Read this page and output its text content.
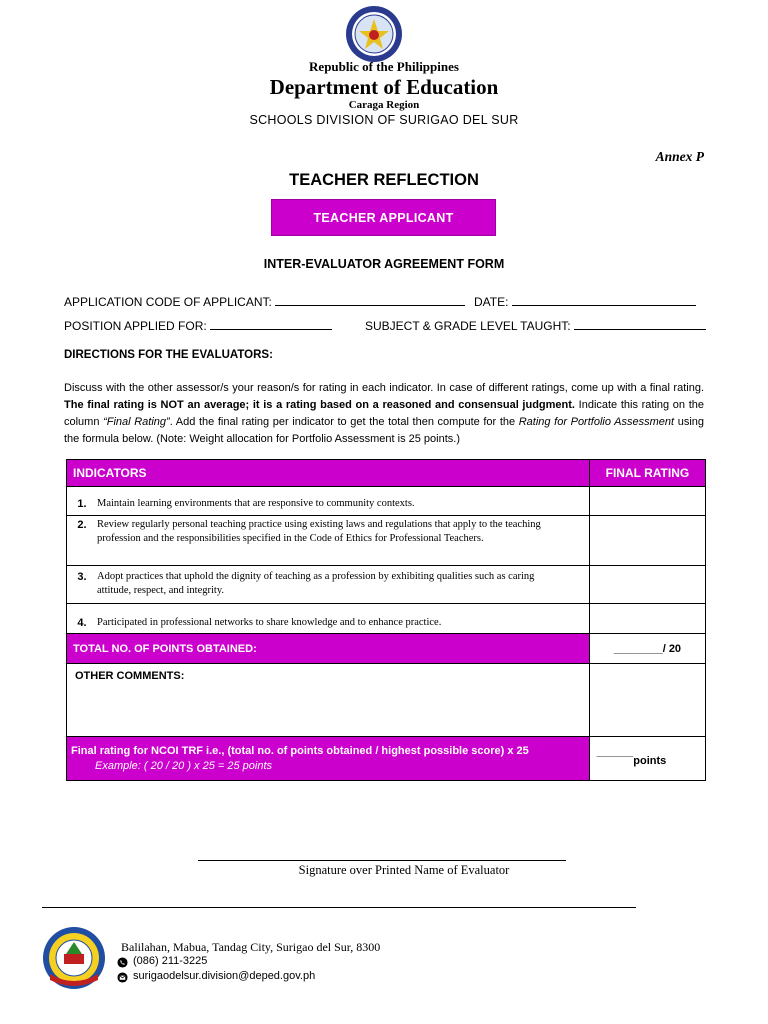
Republic of the Philippines
Department of Education
Caraga Region
SCHOOLS DIVISION OF SURIGAO DEL SUR
Annex P
TEACHER REFLECTION
TEACHER APPLICANT
INTER-EVALUATOR AGREEMENT FORM
APPLICATION CODE OF APPLICANT:	DATE:
POSITION APPLIED FOR:	SUBJECT & GRADE LEVEL TAUGHT:
DIRECTIONS FOR THE EVALUATORS:
Discuss with the other assessor/s your reason/s for rating in each indicator. In case of different ratings, come up with a final rating. The final rating is NOT an average; it is a rating based on a reasoned and consensual judgment. Indicate this rating on the column “Final Rating”. Add the final rating per indicator to get the total then compute for the Rating for Portfolio Assessment using the formula below. (Note: Weight allocation for Portfolio Assessment is 25 points.)
INDICATORS	FINAL RATING
1. Maintain learning environments that are responsive to community contexts.	
2. Review regularly personal teaching practice using existing laws and regulations that apply to the teaching profession and the responsibilities specified in the Code of Ethics for Professional Teachers.	
3. Adopt practices that uphold the dignity of teaching as a profession by exhibiting qualities such as caring attitude, respect, and integrity.	
4. Participated in professional networks to share knowledge and to enhance practice.	
TOTAL NO. OF POINTS OBTAINED:	________/ 20
OTHER COMMENTS:	
Final rating for NCOI TRF i.e., (total no. of points obtained / highest possible score) x 25
Example: ( 20 / 20 ) x 25 = 25 points	______points
Signature over Printed Name of Evaluator
Balilahan, Mabua, Tandag City, Surigao del Sur, 8300
(086) 211-3225
surigaodelsur.division@deped.gov.ph
